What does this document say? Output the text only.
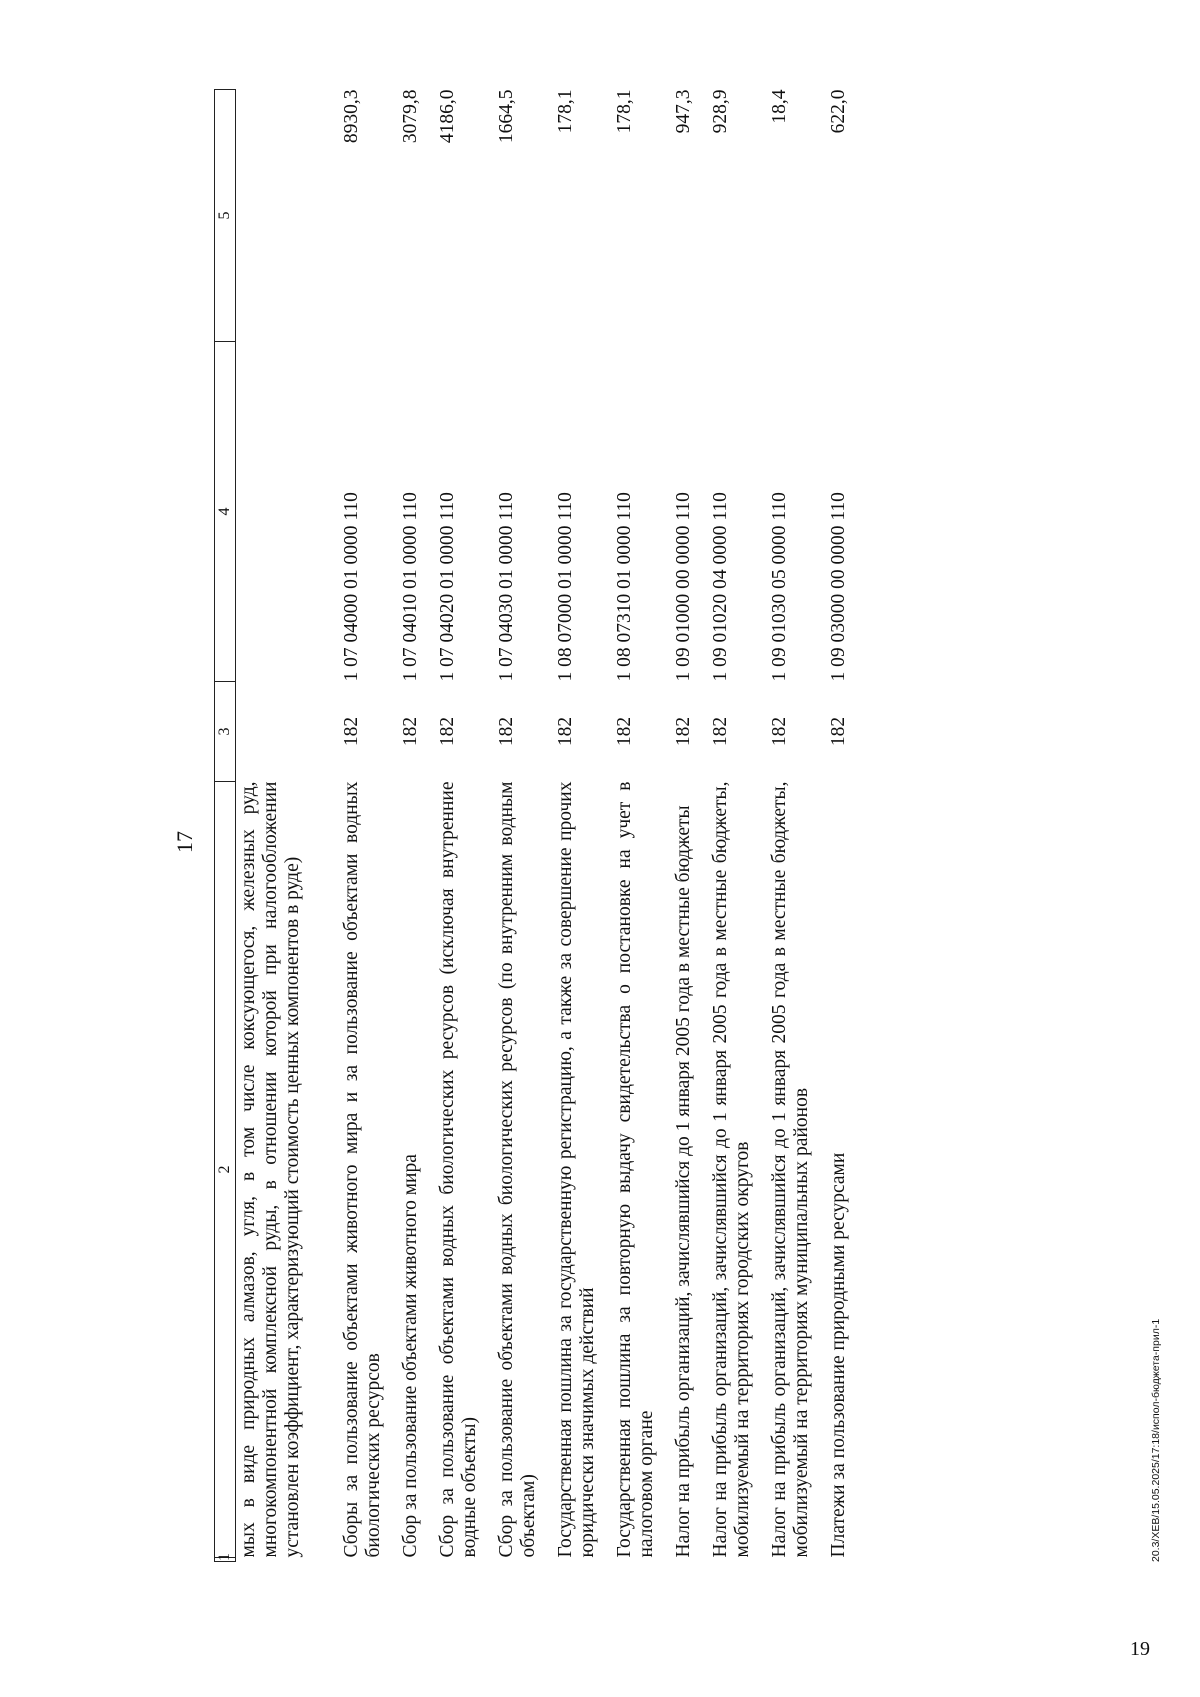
17
1	2	3	4	5
	мых в виде природных алмазов, угля, в том числе коксующегося, железных руд, многокомпонентной комплексной руды, в отношении которой при налогообложении установлен коэффициент, характеризующий стоимость ценных компонентов в руде)			
	Сборы за пользование объектами животного мира и за пользование объектами водных биологических ресурсов	182	1 07 04000 01 0000 110	8930,3
	Сбор за пользование объектами животного мира	182	1 07 04010 01 0000 110	3079,8
	Сбор за пользование объектами водных биологических ресурсов (исключая внутренние водные объекты)	182	1 07 04020 01 0000 110	4186,0
	Сбор за пользование объектами водных биологических ресурсов (по внутренним водным объектам)	182	1 07 04030 01 0000 110	1664,5
	Государственная пошлина за государственную регистрацию, а также за совершение прочих юридически значимых действий	182	1 08 07000 01 0000 110	178,1
	Государственная пошлина за повторную выдачу свидетельства о постановке на учет в налоговом органе	182	1 08 07310 01 0000 110	178,1
	Налог на прибыль организаций, зачислявшийся до 1 января 2005 года в местные бюджеты	182	1 09 01000 00 0000 110	947,3
	Налог на прибыль организаций, зачислявшийся до 1 января 2005 года в местные бюджеты, мобилизуемый на территориях городских округов	182	1 09 01020 04 0000 110	928,9
	Налог на прибыль организаций, зачислявшийся до 1 января 2005 года в местные бюджеты, мобилизуемый на территориях муниципальных районов	182	1 09 01030 05 0000 110	18,4
	Платежи за пользование природными ресурсами	182	1 09 03000 00 0000 110	622,0
20.3/XEB/15.05.2025/17:18/испол-бюджета-прил-1
19
